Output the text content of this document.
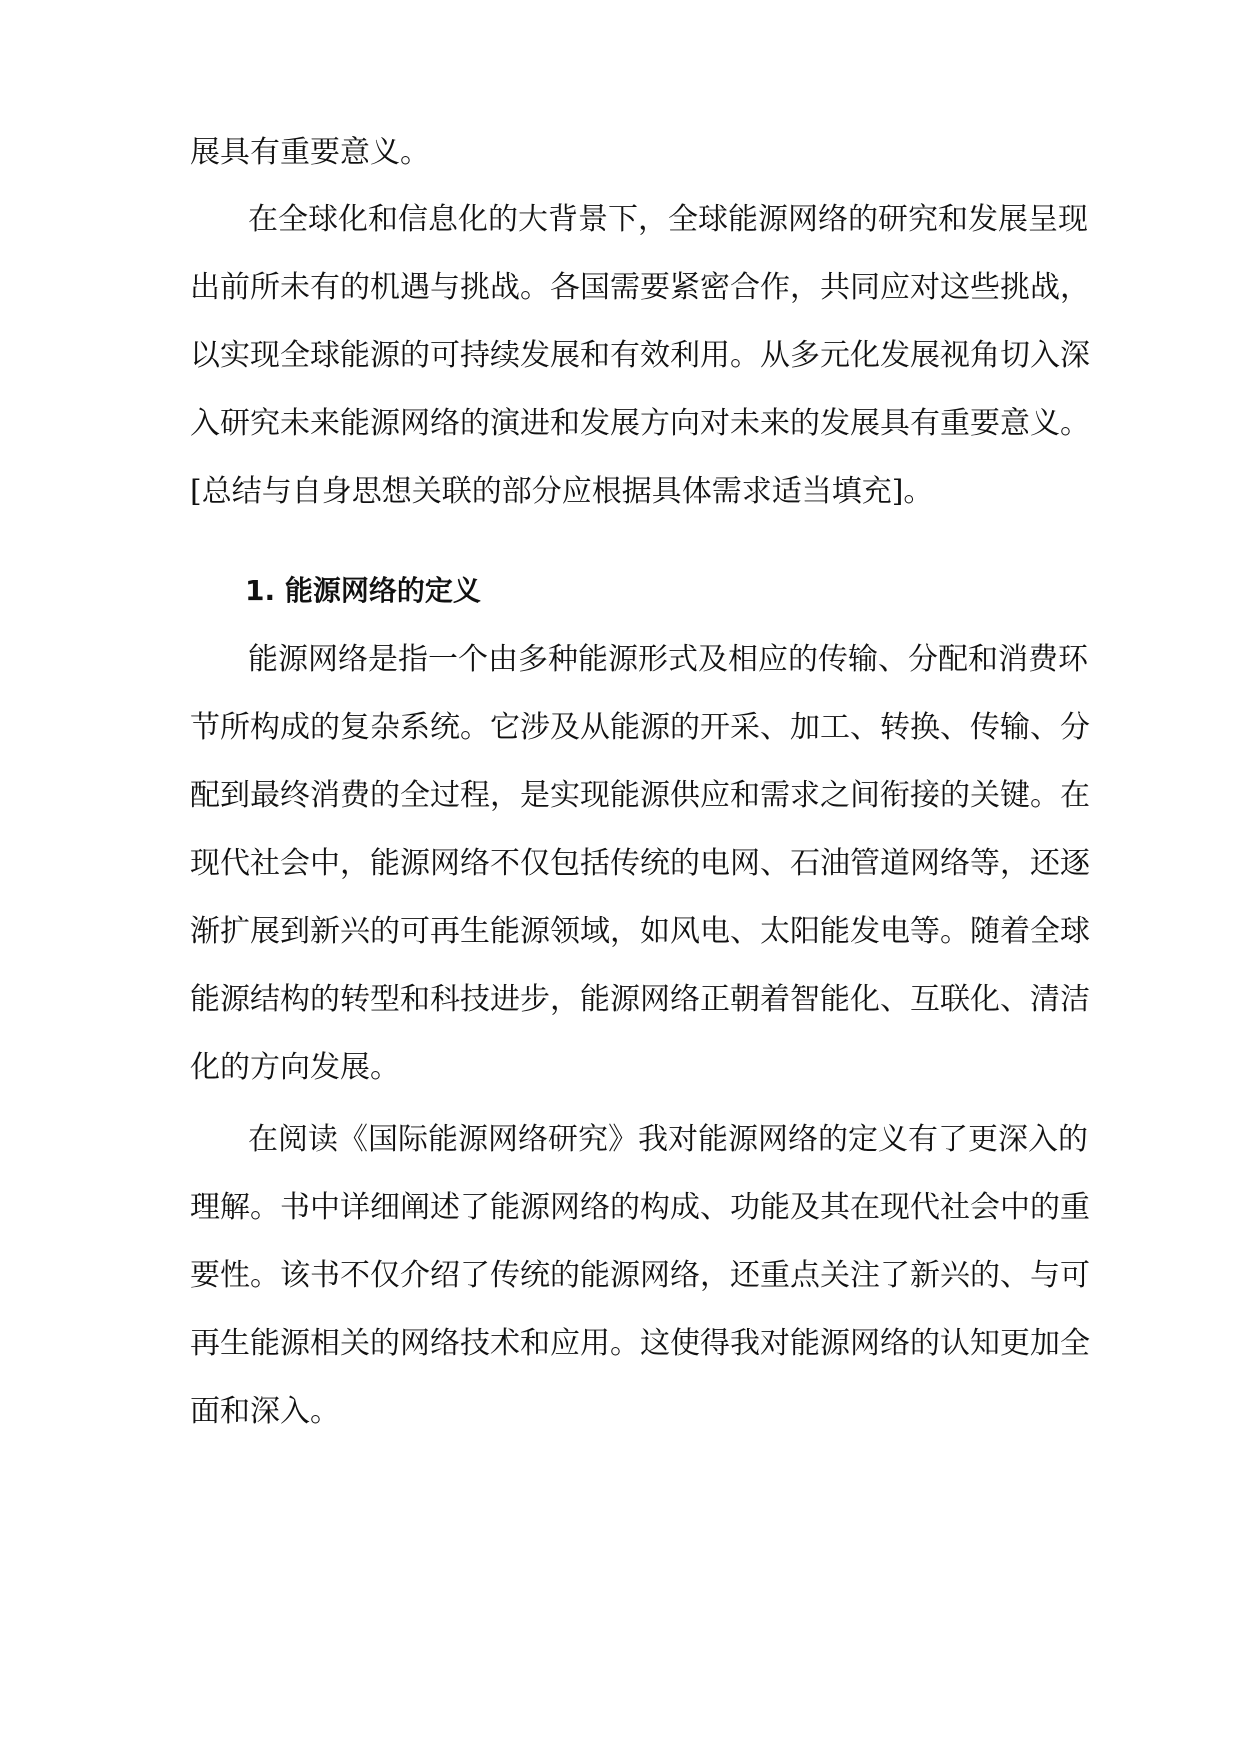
展具有重要意义。

在全球化和信息化的大背景下，全球能源网络的研究和发展呈现

出前所未有的机遇与挑战。各国需要紧密合作，共同应对这些挑战，

以实现全球能源的可持续发展和有效利用。从多元化发展视角切入深

入研究未来能源网络的演进和发展方向对未来的发展具有重要意义。

[总结与自身思想关联的部分应根据具体需求适当填充]。

1. 能源网络的定义

能源网络是指一个由多种能源形式及相应的传输、分配和消费环

节所构成的复杂系统。它涉及从能源的开采、加工、转换、传输、分

配到最终消费的全过程，是实现能源供应和需求之间衔接的关键。在

现代社会中，能源网络不仅包括传统的电网、石油管道网络等，还逐

渐扩展到新兴的可再生能源领域，如风电、太阳能发电等。随着全球

能源结构的转型和科技进步，能源网络正朝着智能化、互联化、清洁

化的方向发展。

在阅读《国际能源网络研究》我对能源网络的定义有了更深入的

理解。书中详细阐述了能源网络的构成、功能及其在现代社会中的重

要性。该书不仅介绍了传统的能源网络，还重点关注了新兴的、与可

再生能源相关的网络技术和应用。这使得我对能源网络的认知更加全

面和深入。
